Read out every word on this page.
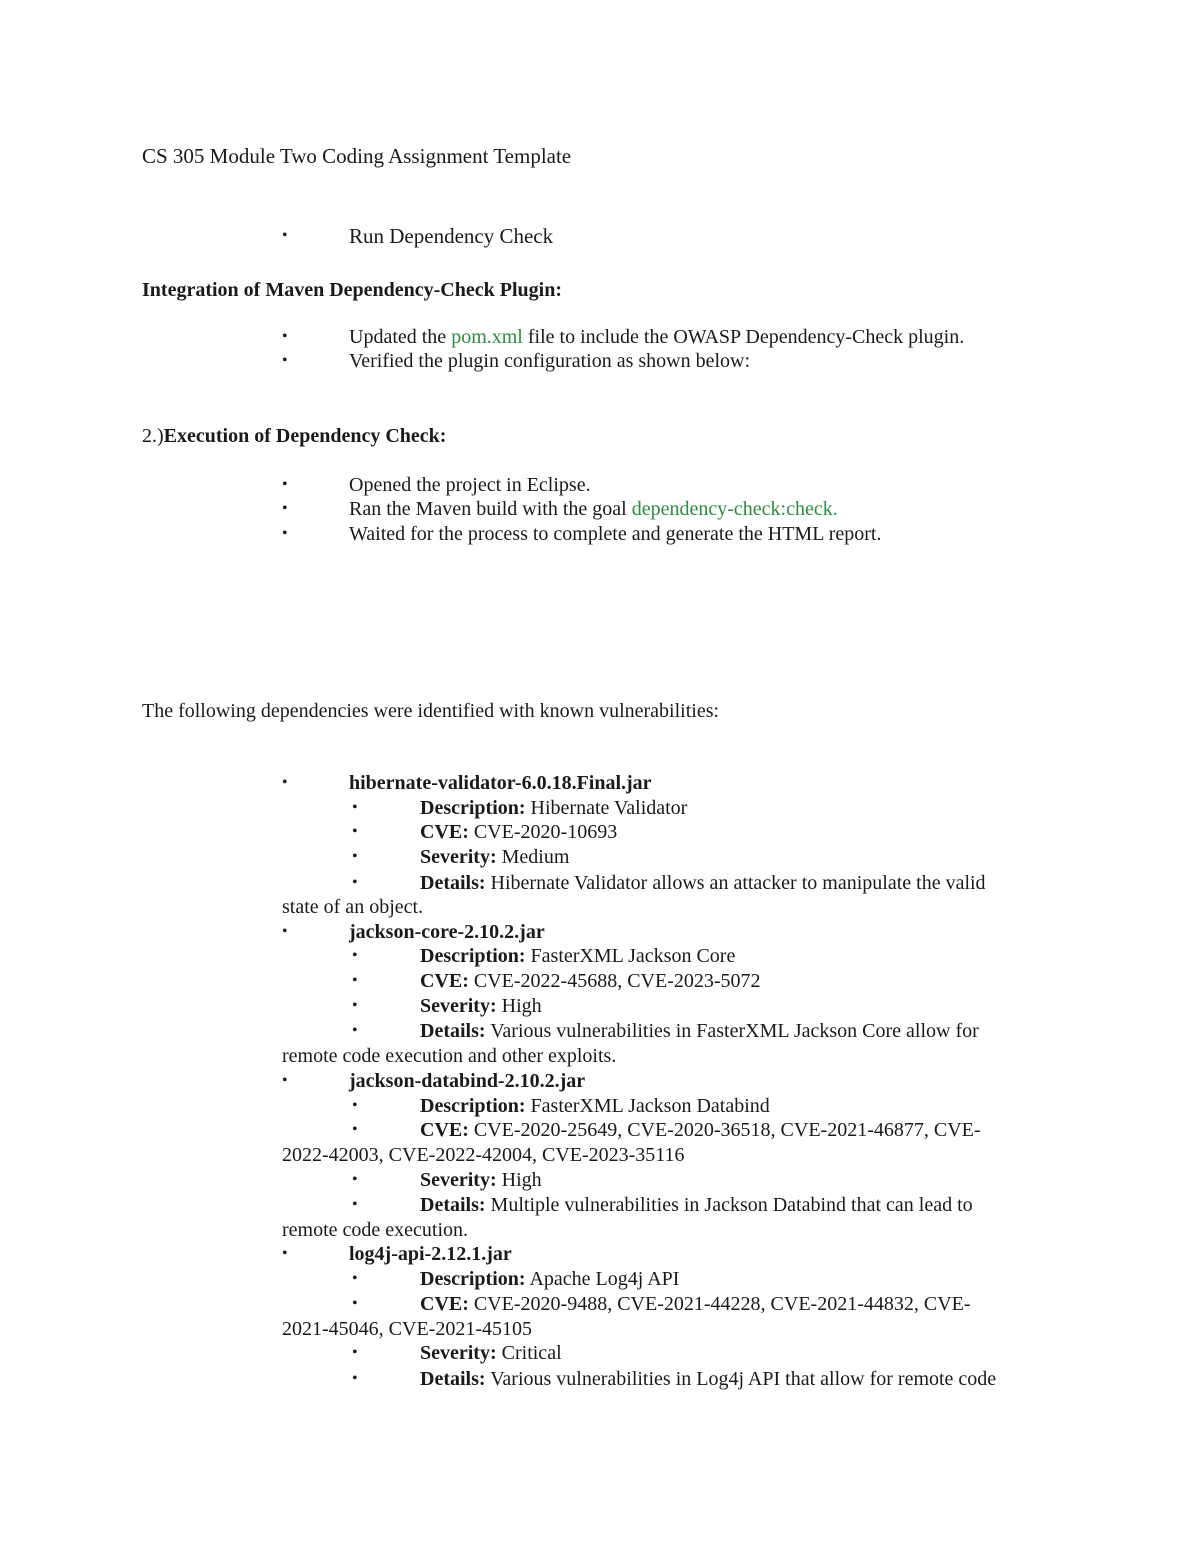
CS 305 Module Two Coding Assignment Template
•	Run Dependency Check
Integration of Maven Dependency-Check Plugin:
•	Updated the pom.xml file to include the OWASP Dependency-Check plugin.
•	Verified the plugin configuration as shown below:
2.)Execution of Dependency Check:
•	Opened the project in Eclipse.
•	Ran the Maven build with the goal dependency-check:check.
•	Waited for the process to complete and generate the HTML report.
The following dependencies were identified with known vulnerabilities:
•	hibernate-validator-6.0.18.Final.jar
•	Description: Hibernate Validator
•	CVE: CVE-2020-10693
•	Severity: Medium
•	Details: Hibernate Validator allows an attacker to manipulate the valid
state of an object.
•	jackson-core-2.10.2.jar
•	Description: FasterXML Jackson Core
•	CVE: CVE-2022-45688, CVE-2023-5072
•	Severity: High
•	Details: Various vulnerabilities in FasterXML Jackson Core allow for
remote code execution and other exploits.
•	jackson-databind-2.10.2.jar
•	Description: FasterXML Jackson Databind
•	CVE: CVE-2020-25649, CVE-2020-36518, CVE-2021-46877, CVE-
2022-42003, CVE-2022-42004, CVE-2023-35116
•	Severity: High
•	Details: Multiple vulnerabilities in Jackson Databind that can lead to
remote code execution.
•	log4j-api-2.12.1.jar
•	Description: Apache Log4j API
•	CVE: CVE-2020-9488, CVE-2021-44228, CVE-2021-44832, CVE-
2021-45046, CVE-2021-45105
•	Severity: Critical
•	Details: Various vulnerabilities in Log4j API that allow for remote code
